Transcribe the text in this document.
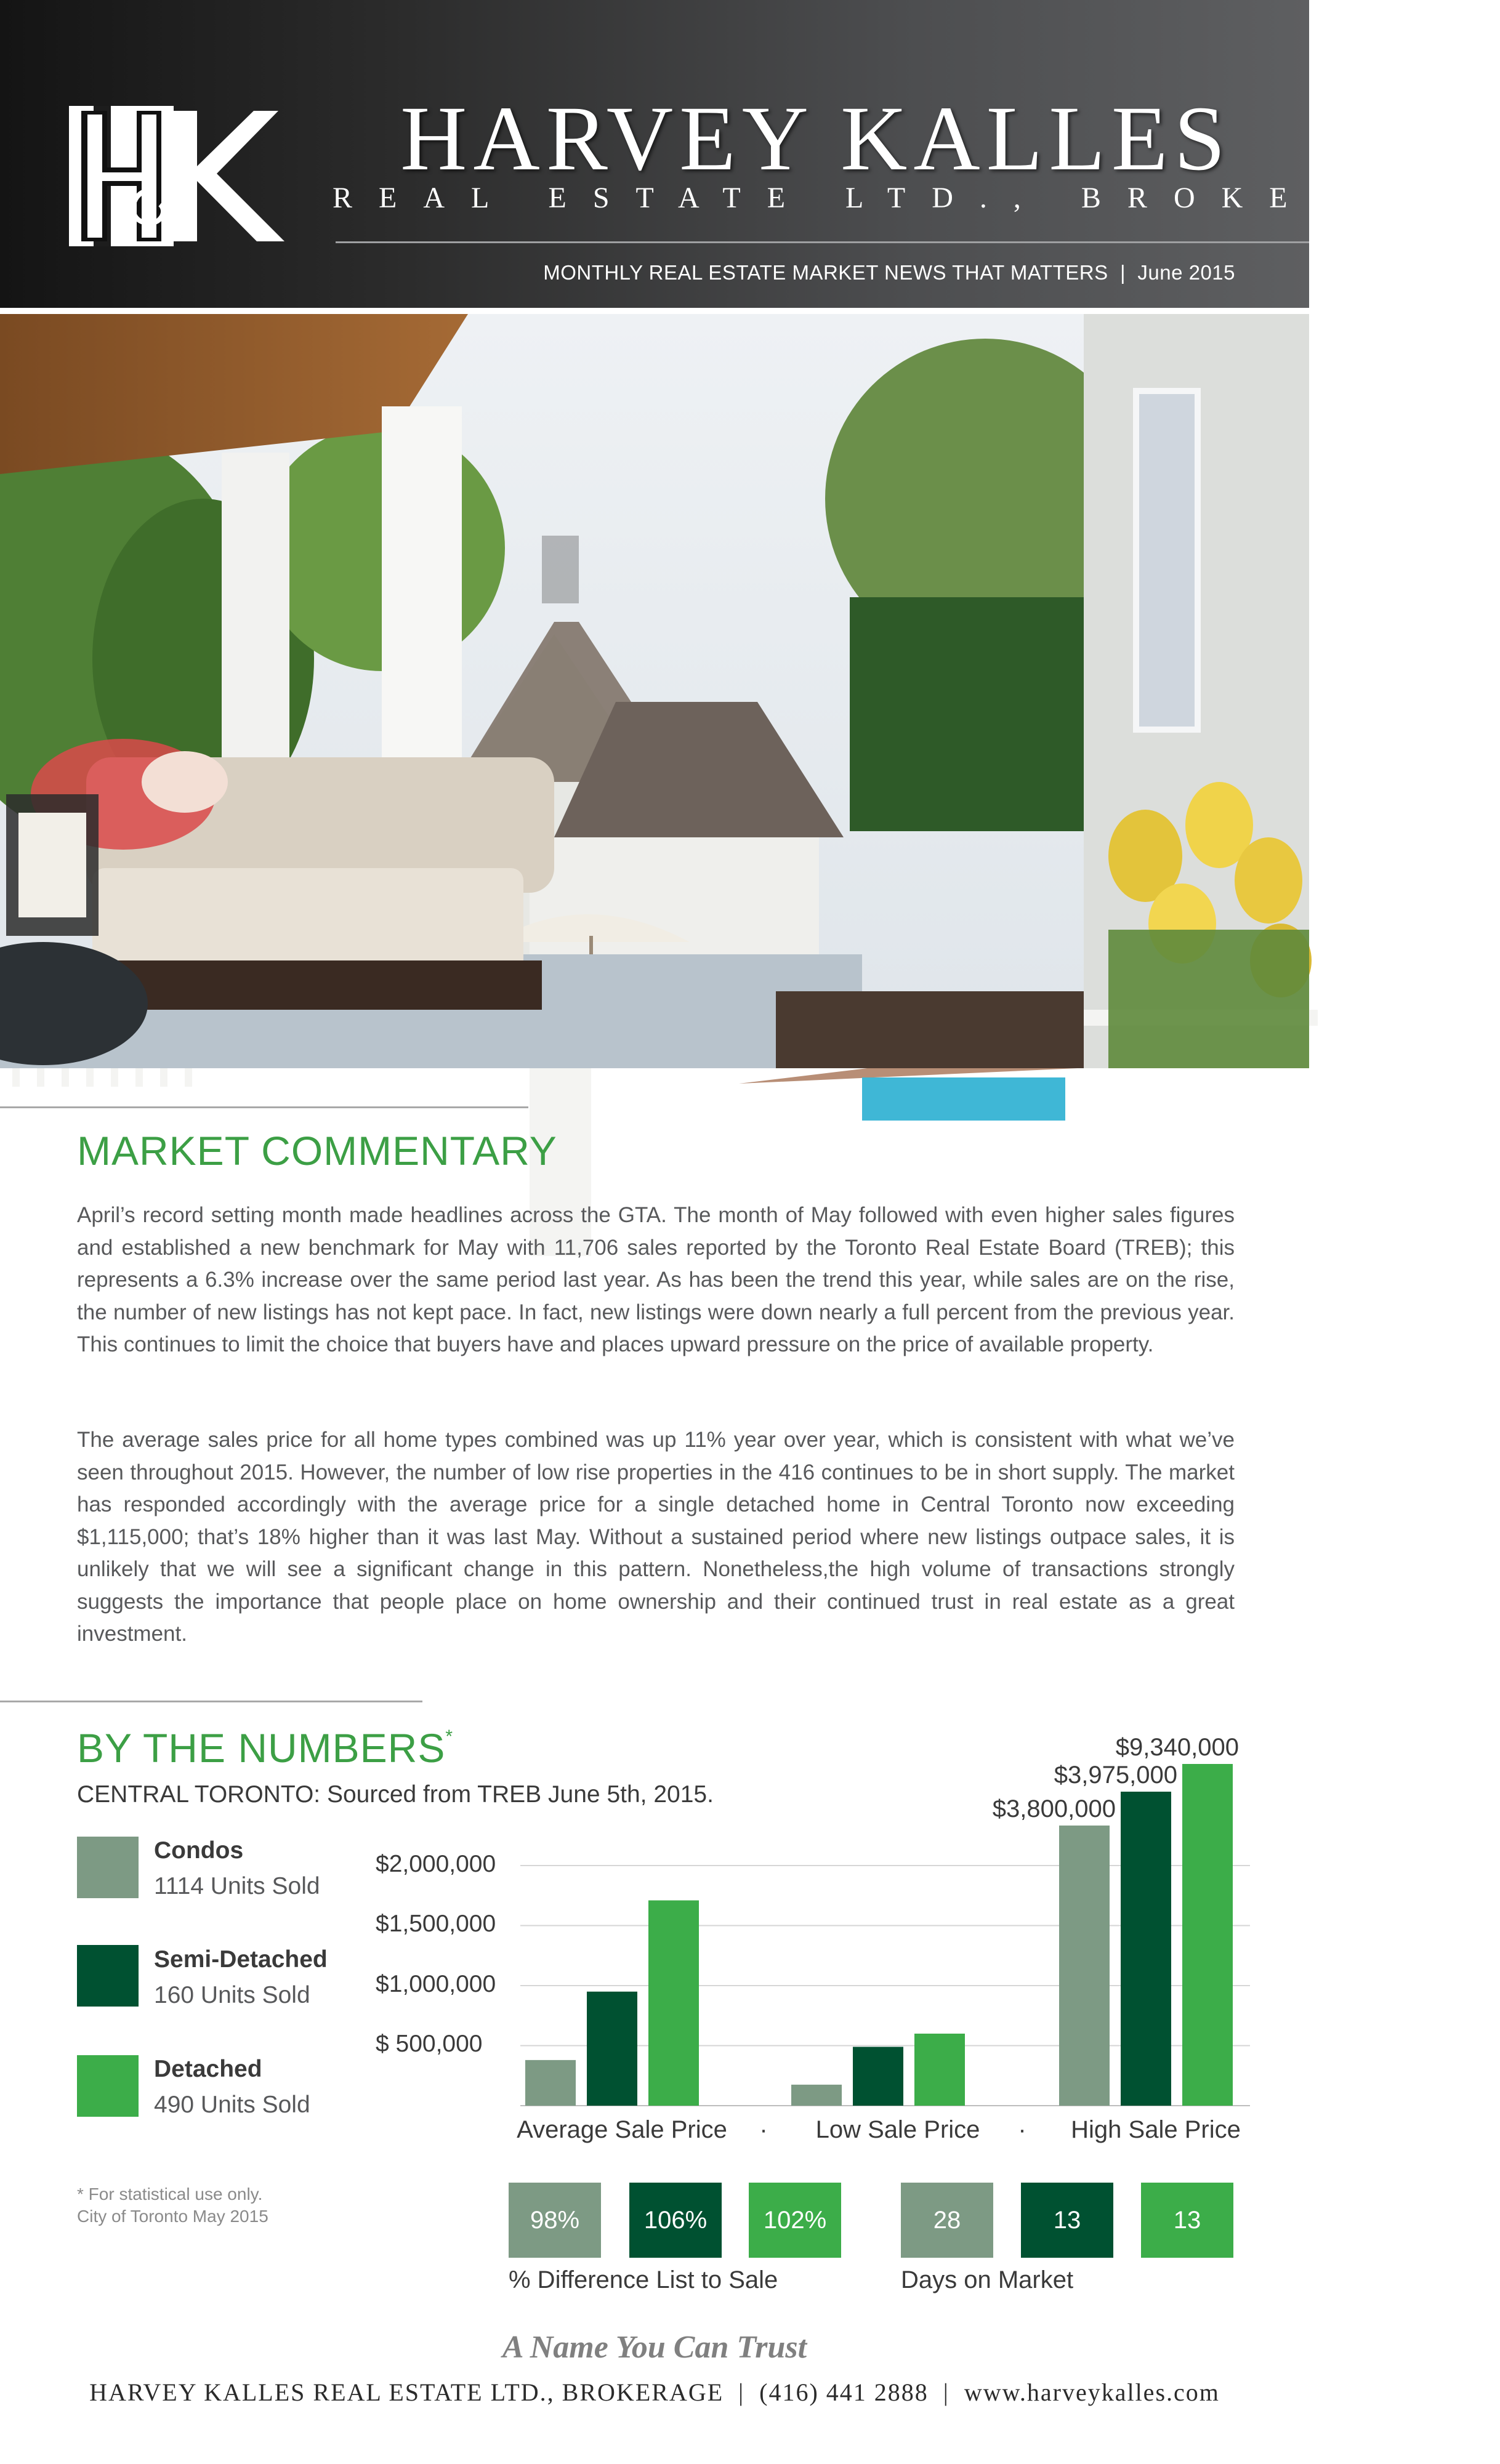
HARVEY KALLES
REAL ESTATE LTD., BROKERAGE
MONTHLY REAL ESTATE MARKET NEWS THAT MATTERS  |  June 2015
MARKET COMMENTARY

April’s record setting month made headlines across the GTA. The month of May followed with even higher sales figures and established a new benchmark for May with 11,706 sales reported by the Toronto Real Estate Board (TREB); this represents a 6.3% increase over the same period last year. As has been the trend this year, while sales are on the rise, the number of new listings has not kept pace. In fact, new listings were down nearly a full percent from the previous year. This continues to limit the choice that buyers have and places upward pressure on the price of available property.

The average sales price for all home types combined was up 11% year over year, which is consistent with what we’ve seen throughout 2015. However, the number of low rise properties in the 416 continues to be in short supply. The market has responded accordingly with the average price for a single detached home in Central Toronto now exceeding $1,115,000; that’s 18% higher than it was last May. Without a sustained period where new listings outpace sales, it is unlikely that we will see a significant change in this pattern. Nonetheless,the high volume of transactions strongly suggests the importance that people place on home ownership and their continued trust in real estate as a great investment.

BY THE NUMBERS*
CENTRAL TORONTO: Sourced from TREB June 5th, 2015.
Condos
1114 Units Sold
Semi-Detached
160 Units Sold
Detached
490 Units Sold
* For statistical use only.
City of Toronto May 2015
$2,000,000
$1,500,000
$1,000,000
$ 500,000
$3,800,000
$3,975,000
$9,340,000
Average Sale Price	Low Sale Price	High Sale Price
·	·
98%	106%	102%
% Difference List to Sale
28	13	13
Days on Market
A Name You Can Trust
HARVEY KALLES REAL ESTATE LTD., BROKERAGE | (416) 441 2888 | www.harveykalles.com
